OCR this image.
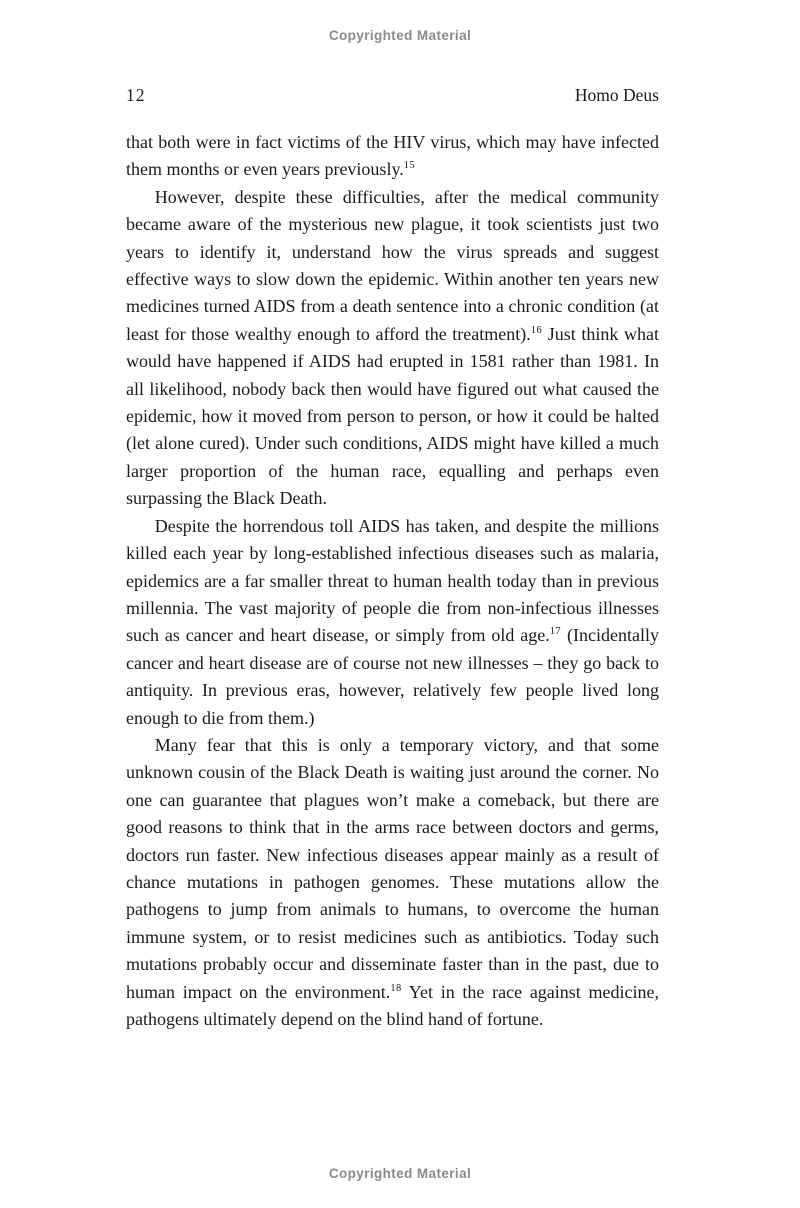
Copyrighted Material
12	Homo Deus

that both were in fact victims of the HIV virus, which may have infected them months or even years previously.$^{15}$

However, despite these difficulties, after the medical community became aware of the mysterious new plague, it took scientists just two years to identify it, understand how the virus spreads and suggest effective ways to slow down the epidemic. Within another ten years new medicines turned AIDS from a death sentence into a chronic condition (at least for those wealthy enough to afford the treatment).$^{16}$ Just think what would have happened if AIDS had erupted in 1581 rather than 1981. In all likelihood, nobody back then would have figured out what caused the epidemic, how it moved from person to person, or how it could be halted (let alone cured). Under such conditions, AIDS might have killed a much larger proportion of the human race, equalling and perhaps even surpassing the Black Death.

Despite the horrendous toll AIDS has taken, and despite the millions killed each year by long-established infectious diseases such as malaria, epidemics are a far smaller threat to human health today than in previous millennia. The vast majority of people die from non-infectious illnesses such as cancer and heart disease, or simply from old age.$^{17}$ (Incidentally cancer and heart disease are of course not new illnesses – they go back to antiquity. In previous eras, however, relatively few people lived long enough to die from them.)

Many fear that this is only a temporary victory, and that some unknown cousin of the Black Death is waiting just around the corner. No one can guarantee that plagues won’t make a comeback, but there are good reasons to think that in the arms race between doctors and germs, doctors run faster. New infectious diseases appear mainly as a result of chance mutations in pathogen genomes. These mutations allow the pathogens to jump from animals to humans, to overcome the human immune system, or to resist medicines such as antibiotics. Today such mutations probably occur and disseminate faster than in the past, due to human impact on the environment.$^{18}$ Yet in the race against medicine, pathogens ultimately depend on the blind hand of fortune.

Copyrighted Material
